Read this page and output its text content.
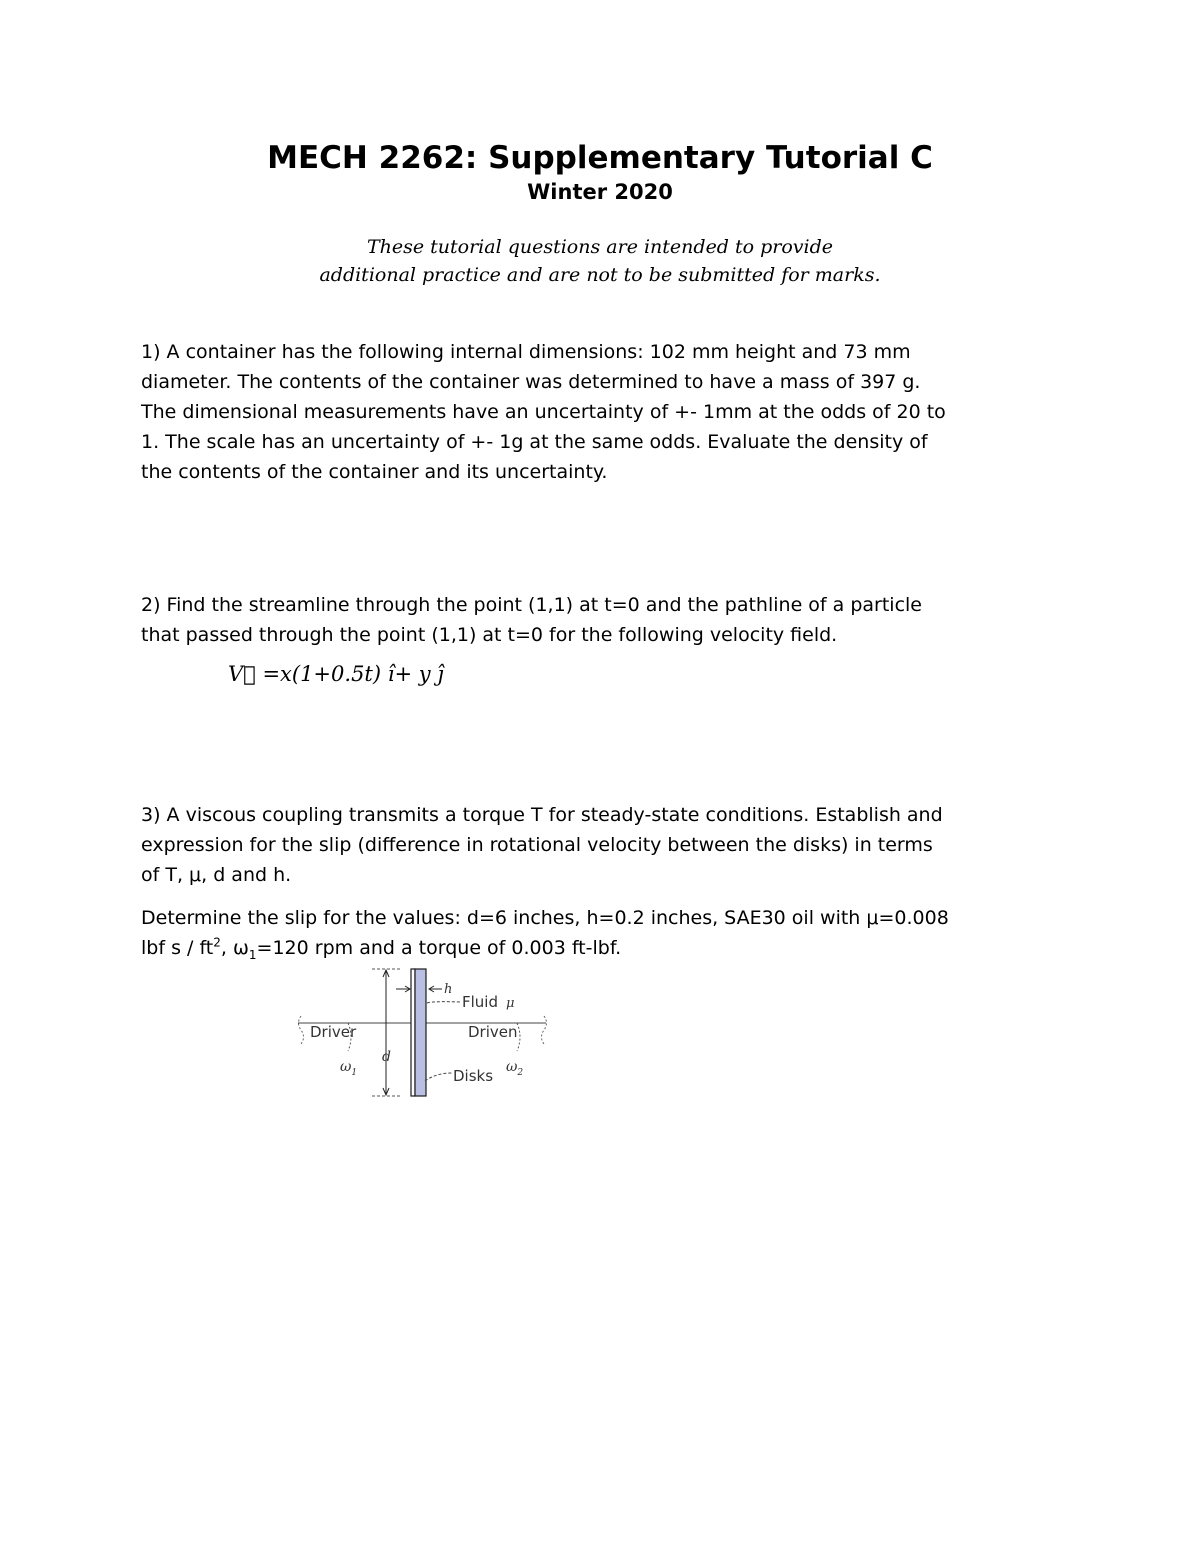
MECH 2262: Supplementary Tutorial C
Winter 2020
These tutorial questions are intended to provide
additional practice and are not to be submitted for marks.
1) A container has the following internal dimensions: 102 mm height and 73 mm
diameter. The contents of the container was determined to have a mass of 397 g.
The dimensional measurements have an uncertainty of +- 1mm at the odds of 20 to
1. The scale has an uncertainty of +- 1g at the same odds. Evaluate the density of
the contents of the container and its uncertainty.
2) Find the streamline through the point (1,1) at t=0 and the pathline of a particle
that passed through the point (1,1) at t=0 for the following velocity field.
V⃗ =x(1+0.5t) î+ y ĵ
3) A viscous coupling transmits a torque T for steady-state conditions. Establish and
expression for the slip (difference in rotational velocity between the disks) in terms
of T, μ, d and h.
Determine the slip for the values: d=6 inches, h=0.2 inches, SAE30 oil with μ=0.008
lbf s / $ft^2$, $\omega_1=120$ rpm and a torque of 0.003 ft-lbf.
h
Fluid μ
Driver	Driven
d
$\omega_1$	$\omega_2$
Disks
